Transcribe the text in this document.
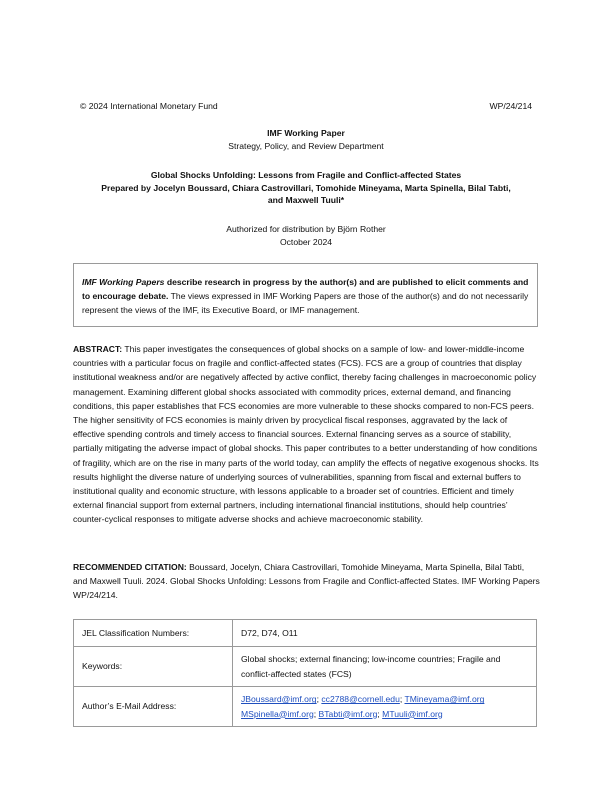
© 2024 International Monetary Fund	WP/24/214
IMF Working Paper
Strategy, Policy, and Review Department
Global Shocks Unfolding: Lessons from Fragile and Conflict-affected States
Prepared by Jocelyn Boussard, Chiara Castrovillari, Tomohide Mineyama, Marta Spinella, Bilal Tabti,
and Maxwell Tuuli*
Authorized for distribution by Björn Rother
October 2024
IMF Working Papers describe research in progress by the author(s) and are published to elicit comments and to encourage debate. The views expressed in IMF Working Papers are those of the author(s) and do not necessarily represent the views of the IMF, its Executive Board, or IMF management.
ABSTRACT: This paper investigates the consequences of global shocks on a sample of low- and lower-middle-income countries with a particular focus on fragile and conflict-affected states (FCS). FCS are a group of countries that display institutional weakness and/or are negatively affected by active conflict, thereby facing challenges in macroeconomic policy management. Examining different global shocks associated with commodity prices, external demand, and financing conditions, this paper establishes that FCS economies are more vulnerable to these shocks compared to non-FCS peers. The higher sensitivity of FCS economies is mainly driven by procyclical fiscal responses, aggravated by the lack of effective spending controls and timely access to financial sources. External financing serves as a source of stability, partially mitigating the adverse impact of global shocks. This paper contributes to a better understanding of how conditions of fragility, which are on the rise in many parts of the world today, can amplify the effects of negative exogenous shocks. Its results highlight the diverse nature of underlying sources of vulnerabilities, spanning from fiscal and external buffers to institutional quality and economic structure, with lessons applicable to a broader set of countries. Efficient and timely external financial support from external partners, including international financial institutions, should help countries’ counter-cyclical responses to mitigate adverse shocks and achieve macroeconomic stability.
RECOMMENDED CITATION: Boussard, Jocelyn, Chiara Castrovillari, Tomohide Mineyama, Marta Spinella, Bilal Tabti, and Maxwell Tuuli. 2024. Global Shocks Unfolding: Lessons from Fragile and Conflict-affected States. IMF Working Papers WP/24/214.
JEL Classification Numbers:	D72, D74, O11
Keywords:	Global shocks; external financing; low-income countries; Fragile and conflict-affected states (FCS)
Author’s E-Mail Address:	JBoussard@imf.org; cc2788@cornell.edu; TMineyama@imf.org
MSpinella@imf.org; BTabti@imf.org; MTuuli@imf.org
